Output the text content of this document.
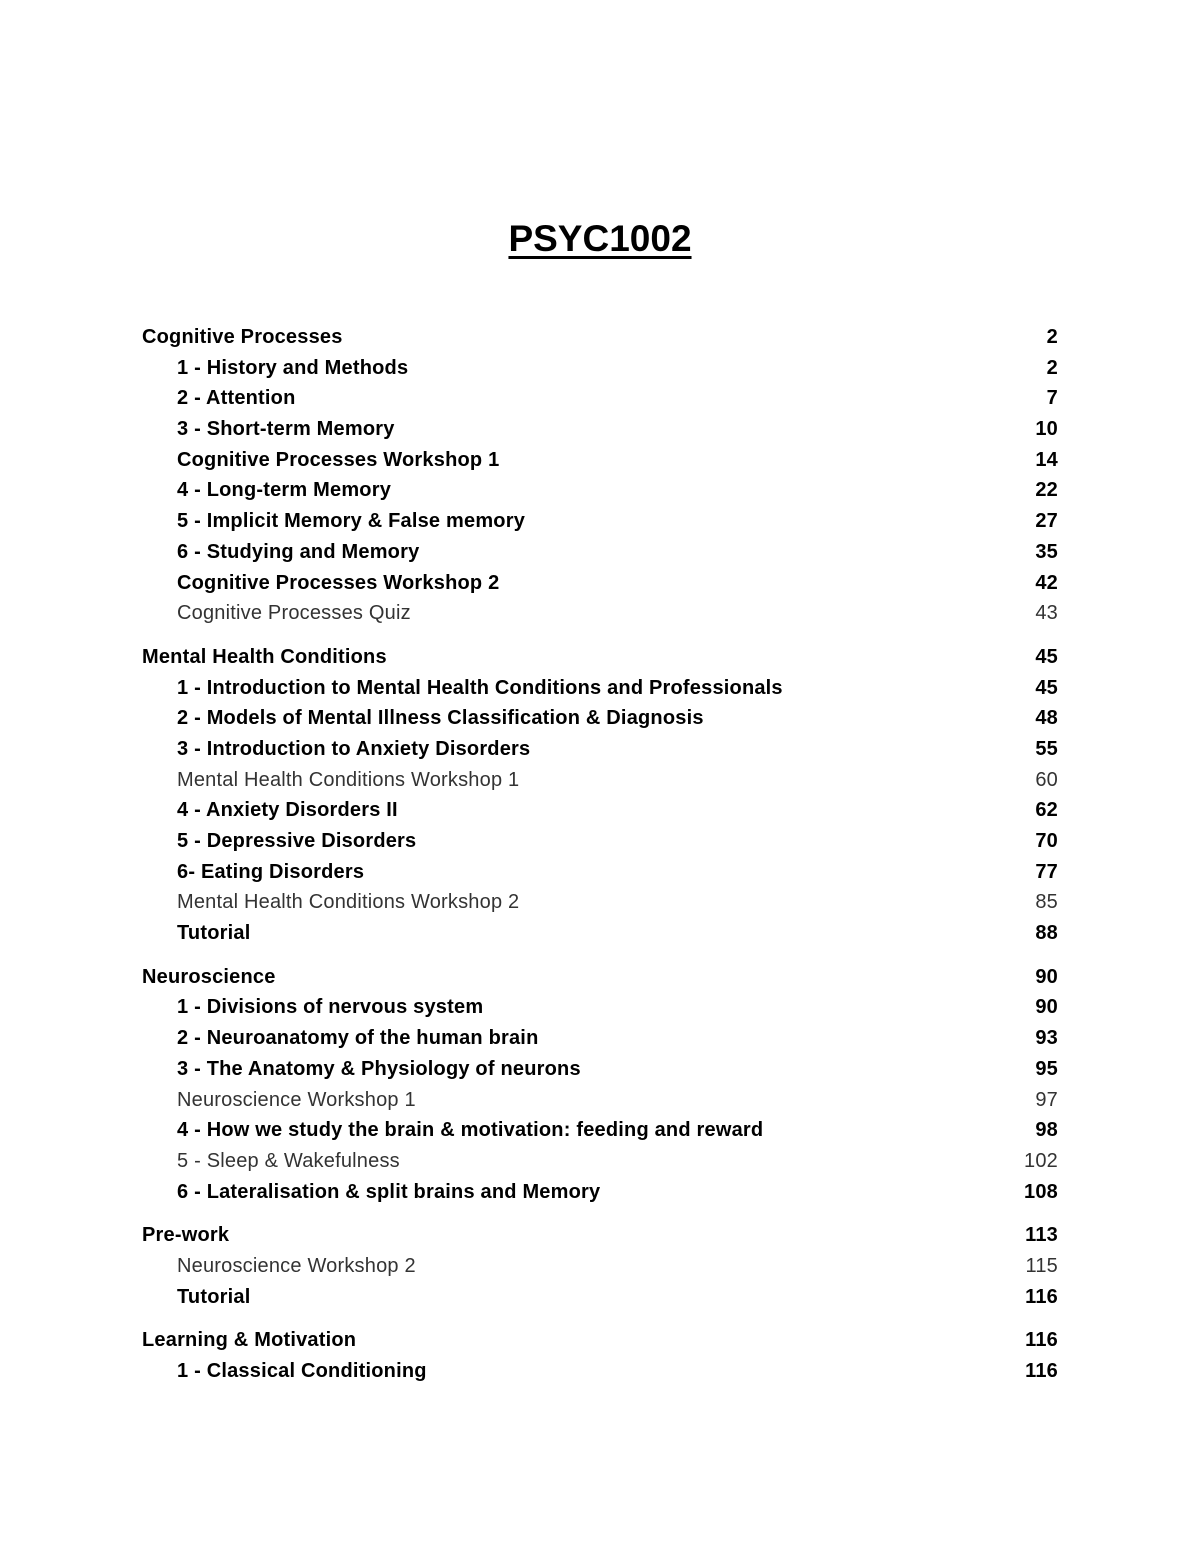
PSYC1002
Cognitive Processes	2
1 - History and Methods	2
2 - Attention	7
3 - Short-term Memory	10
Cognitive Processes Workshop 1	14
4 - Long-term Memory	22
5 - Implicit Memory & False memory	27
6 - Studying and Memory	35
Cognitive Processes Workshop 2	42
Cognitive Processes Quiz	43
Mental Health Conditions	45
1 - Introduction to Mental Health Conditions and Professionals	45
2 - Models of Mental Illness Classification & Diagnosis	48
3 - Introduction to Anxiety Disorders	55
Mental Health Conditions Workshop 1	60
4 - Anxiety Disorders II	62
5 - Depressive Disorders	70
6- Eating Disorders	77
Mental Health Conditions Workshop 2	85
Tutorial	88
Neuroscience	90
1 - Divisions of nervous system	90
2 - Neuroanatomy of the human brain	93
3 - The Anatomy & Physiology of neurons	95
Neuroscience Workshop 1	97
4 - How we study the brain & motivation: feeding and reward	98
5 - Sleep & Wakefulness	102
6 - Lateralisation & split brains and Memory	108
Pre-work	113
Neuroscience Workshop 2	115
Tutorial	116
Learning & Motivation	116
1 - Classical Conditioning	116
